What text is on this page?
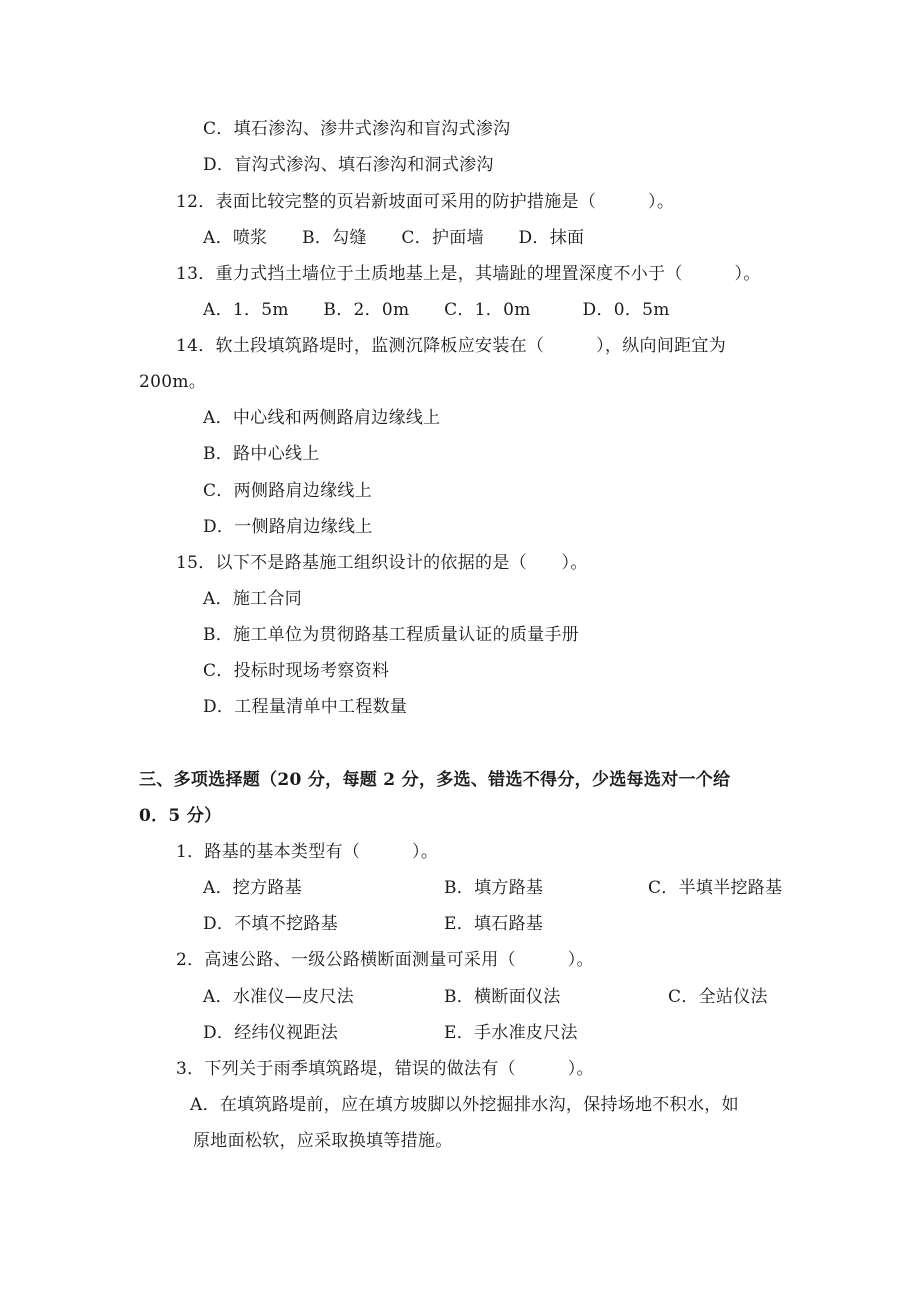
C．填石渗沟、渗井式渗沟和盲沟式渗沟
D．盲沟式渗沟、填石渗沟和洞式渗沟
12．表面比较完整的页岩新坡面可采用的防护措施是（　　　）。
A．喷浆　　B．勾缝　　C．护面墙　　D．抹面
13．重力式挡土墙位于土质地基上是，其墙趾的埋置深度不小于（　　　）。
A．1．5m　　B．2．0m　　C．1．0m　　　D．0．5m
14．软土段填筑路堤时，监测沉降板应安装在（　　　），纵向间距宜为
200m。
A．中心线和两侧路肩边缘线上
B．路中心线上
C．两侧路肩边缘线上
D．一侧路肩边缘线上
15．以下不是路基施工组织设计的依据的是（　　）。
A．施工合同
B．施工单位为贯彻路基工程质量认证的质量手册
C．投标时现场考察资料
D．工程量清单中工程数量
三、多项选择题（20 分，每题 2 分，多选、错选不得分，少选每选对一个给
0．5 分）
1．路基的基本类型有（　　　）。
A．挖方路基	B．填方路基	C．半填半挖路基
D．不填不挖路基	E．填石路基
2．高速公路、一级公路横断面测量可采用（　　　）。
A．水准仪—皮尺法	B．横断面仪法	C．全站仪法
D．经纬仪视距法	E．手水准皮尺法
3．下列关于雨季填筑路堤，错误的做法有（　　　）。
A．在填筑路堤前，应在填方坡脚以外挖掘排水沟，保持场地不积水，如
原地面松软，应采取换填等措施。
